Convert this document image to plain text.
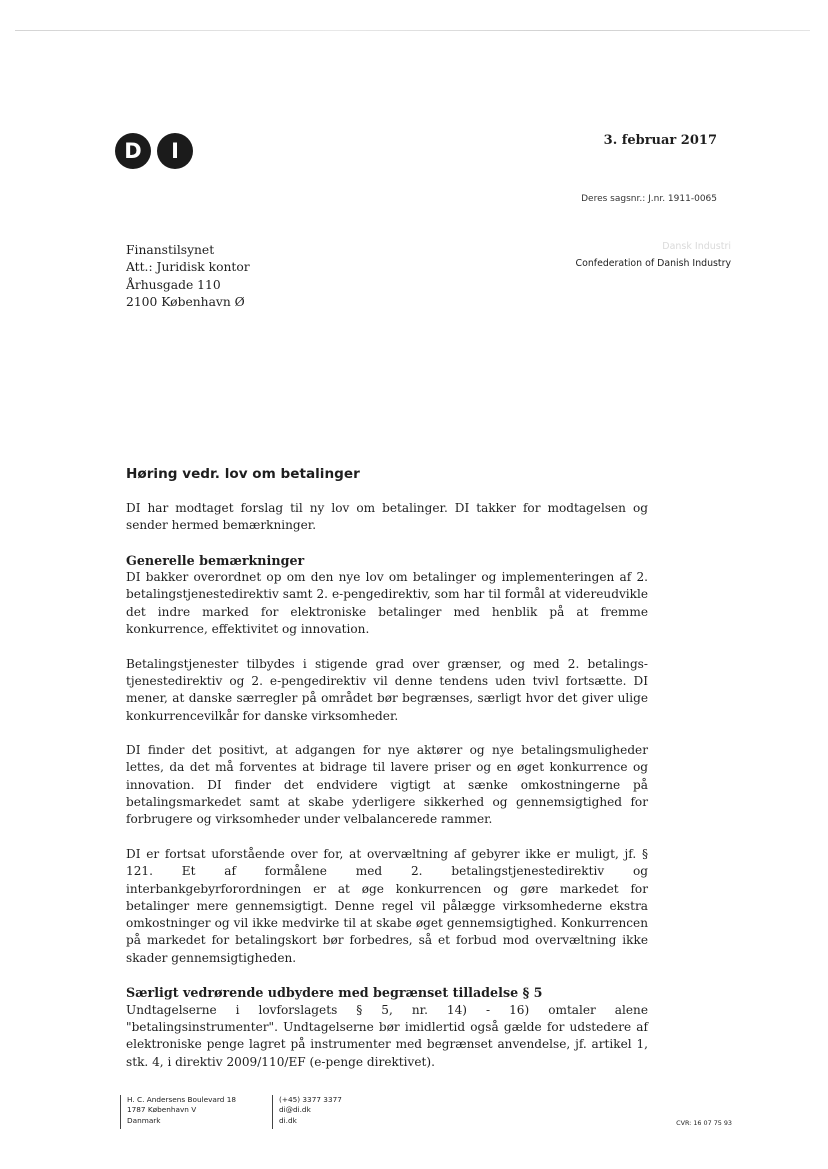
D	I	3. februar 2017
Deres sagsnr.: J.nr. 1911-0065
Finanstilsynet
Att.: Juridisk kontor
Århusgade 110
2100 København Ø
Dansk Industri
Confederation of Danish Industry
Høring vedr. lov om betalinger

DI har modtaget forslag til ny lov om betalinger. DI takker for modtagelsen og sender hermed bemærkninger.

Generelle bemærkninger

DI bakker overordnet op om den nye lov om betalinger og implementeringen af 2. betalingstjenestedirektiv samt 2. e-pengedirektiv, som har til formål at videreudvikle det indre marked for elektroniske betalinger med henblik på at fremme konkurrence, effektivitet og innovation.

Betalingstjenester tilbydes i stigende grad over grænser, og med 2. betalingstjenestedirektiv og 2. e-pengedirektiv vil denne tendens uden tvivl fortsætte. DI mener, at danske særregler på området bør begrænses, særligt hvor det giver ulige konkurrencevilkår for danske virksomheder.

DI finder det positivt, at adgangen for nye aktører og nye betalingsmuligheder lettes, da det må forventes at bidrage til lavere priser og en øget konkurrence og innovation. DI finder det endvidere vigtigt at sænke omkostningerne på betalingsmarkedet samt at skabe yderligere sikkerhed og gennemsigtighed for forbrugere og virksomheder under velbalancerede rammer.

DI er fortsat uforstående over for, at overvæltning af gebyrer ikke er muligt, jf. § 121. Et af formålene med 2. betalingstjenestedirektiv og interbankgebyrforordningen er at øge konkurrencen og gøre markedet for betalinger mere gennemsigtigt. Denne regel vil pålægge virksomhederne ekstra omkostninger og vil ikke medvirke til at skabe øget gennemsigtighed. Konkurrencen på markedet for betalingskort bør forbedres, så et forbud mod overvæltning ikke skader gennemsigtigheden.

Særligt vedrørende udbydere med begrænset tilladelse § 5

Undtagelserne i lovforslagets § 5, nr. 14) - 16) omtaler alene "betalingsinstrumenter". Undtagelserne bør imidlertid også gælde for udstedere af elektroniske penge lagret på instrumenter med begrænset anvendelse, jf. artikel 1, stk. 4, i direktiv 2009/110/EF (e-penge direktivet).

H. C. Andersens Boulevard 18
1787 København V
Danmark
(+45) 3377 3377
di@di.dk
di.dk	CVR: 16 07 75 93
